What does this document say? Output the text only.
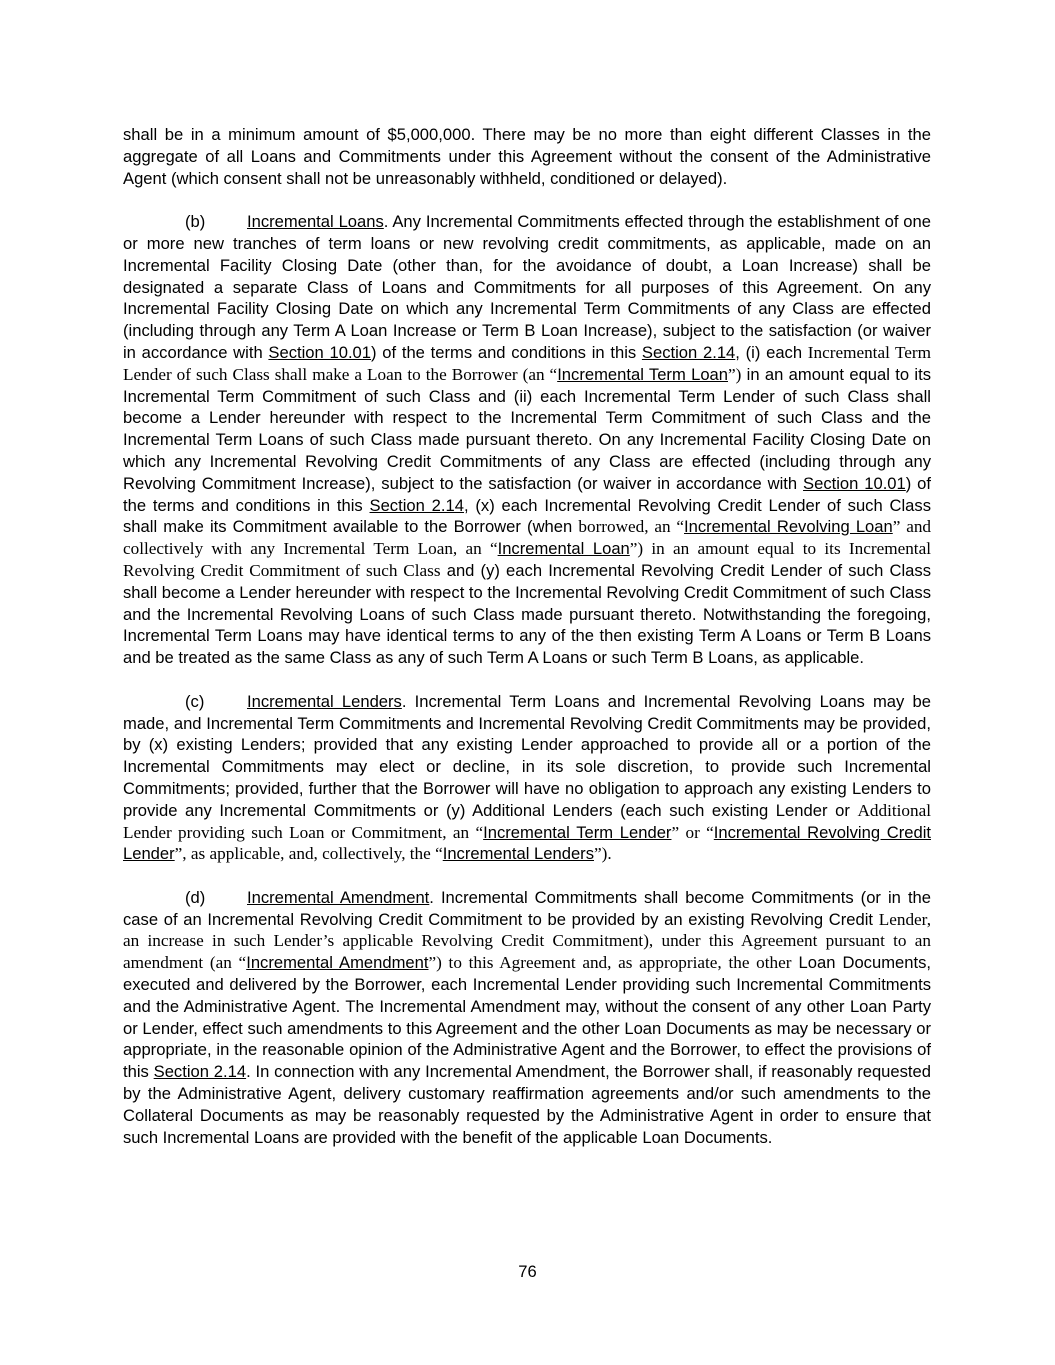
shall be in a minimum amount of $5,000,000. There may be no more than eight different Classes in the aggregate of all Loans and Commitments under this Agreement without the consent of the Administrative Agent (which consent shall not be unreasonably withheld, conditioned or delayed).

(b)	Incremental Loans. Any Incremental Commitments effected through the establishment of one or more new tranches of term loans or new revolving credit commitments, as applicable, made on an Incremental Facility Closing Date (other than, for the avoidance of doubt, a Loan Increase) shall be designated a separate Class of Loans and Commitments for all purposes of this Agreement. On any Incremental Facility Closing Date on which any Incremental Term Commitments of any Class are effected (including through any Term A Loan Increase or Term B Loan Increase), subject to the satisfaction (or waiver in accordance with Section 10.01) of the terms and conditions in this Section 2.14, (i) each Incremental Term Lender of such Class shall make a Loan to the Borrower (an “Incremental Term Loan”) in an amount equal to its Incremental Term Commitment of such Class and (ii) each Incremental Term Lender of such Class shall become a Lender hereunder with respect to the Incremental Term Commitment of such Class and the Incremental Term Loans of such Class made pursuant thereto. On any Incremental Facility Closing Date on which any Incremental Revolving Credit Commitments of any Class are effected (including through any Revolving Commitment Increase), subject to the satisfaction (or waiver in accordance with Section 10.01) of the terms and conditions in this Section 2.14, (x) each Incremental Revolving Credit Lender of such Class shall make its Commitment available to the Borrower (when borrowed, an “Incremental Revolving Loan” and collectively with any Incremental Term Loan, an “Incremental Loan”) in an amount equal to its Incremental Revolving Credit Commitment of such Class and (y) each Incremental Revolving Credit Lender of such Class shall become a Lender hereunder with respect to the Incremental Revolving Credit Commitment of such Class and the Incremental Revolving Loans of such Class made pursuant thereto. Notwithstanding the foregoing, Incremental Term Loans may have identical terms to any of the then existing Term A Loans or Term B Loans and be treated as the same Class as any of such Term A Loans or such Term B Loans, as applicable.

(c)	Incremental Lenders. Incremental Term Loans and Incremental Revolving Loans may be made, and Incremental Term Commitments and Incremental Revolving Credit Commitments may be provided, by (x) existing Lenders; provided that any existing Lender approached to provide all or a portion of the Incremental Commitments may elect or decline, in its sole discretion, to provide such Incremental Commitments; provided, further that the Borrower will have no obligation to approach any existing Lenders to provide any Incremental Commitments or (y) Additional Lenders (each such existing Lender or Additional Lender providing such Loan or Commitment, an “Incremental Term Lender” or “Incremental Revolving Credit Lender”, as applicable, and, collectively, the “Incremental Lenders”).

(d)	Incremental Amendment. Incremental Commitments shall become Commitments (or in the case of an Incremental Revolving Credit Commitment to be provided by an existing Revolving Credit Lender, an increase in such Lender’s applicable Revolving Credit Commitment), under this Agreement pursuant to an amendment (an “Incremental Amendment”) to this Agreement and, as appropriate, the other Loan Documents, executed and delivered by the Borrower, each Incremental Lender providing such Incremental Commitments and the Administrative Agent. The Incremental Amendment may, without the consent of any other Loan Party or Lender, effect such amendments to this Agreement and the other Loan Documents as may be necessary or appropriate, in the reasonable opinion of the Administrative Agent and the Borrower, to effect the provisions of this Section 2.14. In connection with any Incremental Amendment, the Borrower shall, if reasonably requested by the Administrative Agent, delivery customary reaffirmation agreements and/or such amendments to the Collateral Documents as may be reasonably requested by the Administrative Agent in order to ensure that such Incremental Loans are provided with the benefit of the applicable Loan Documents.

76
